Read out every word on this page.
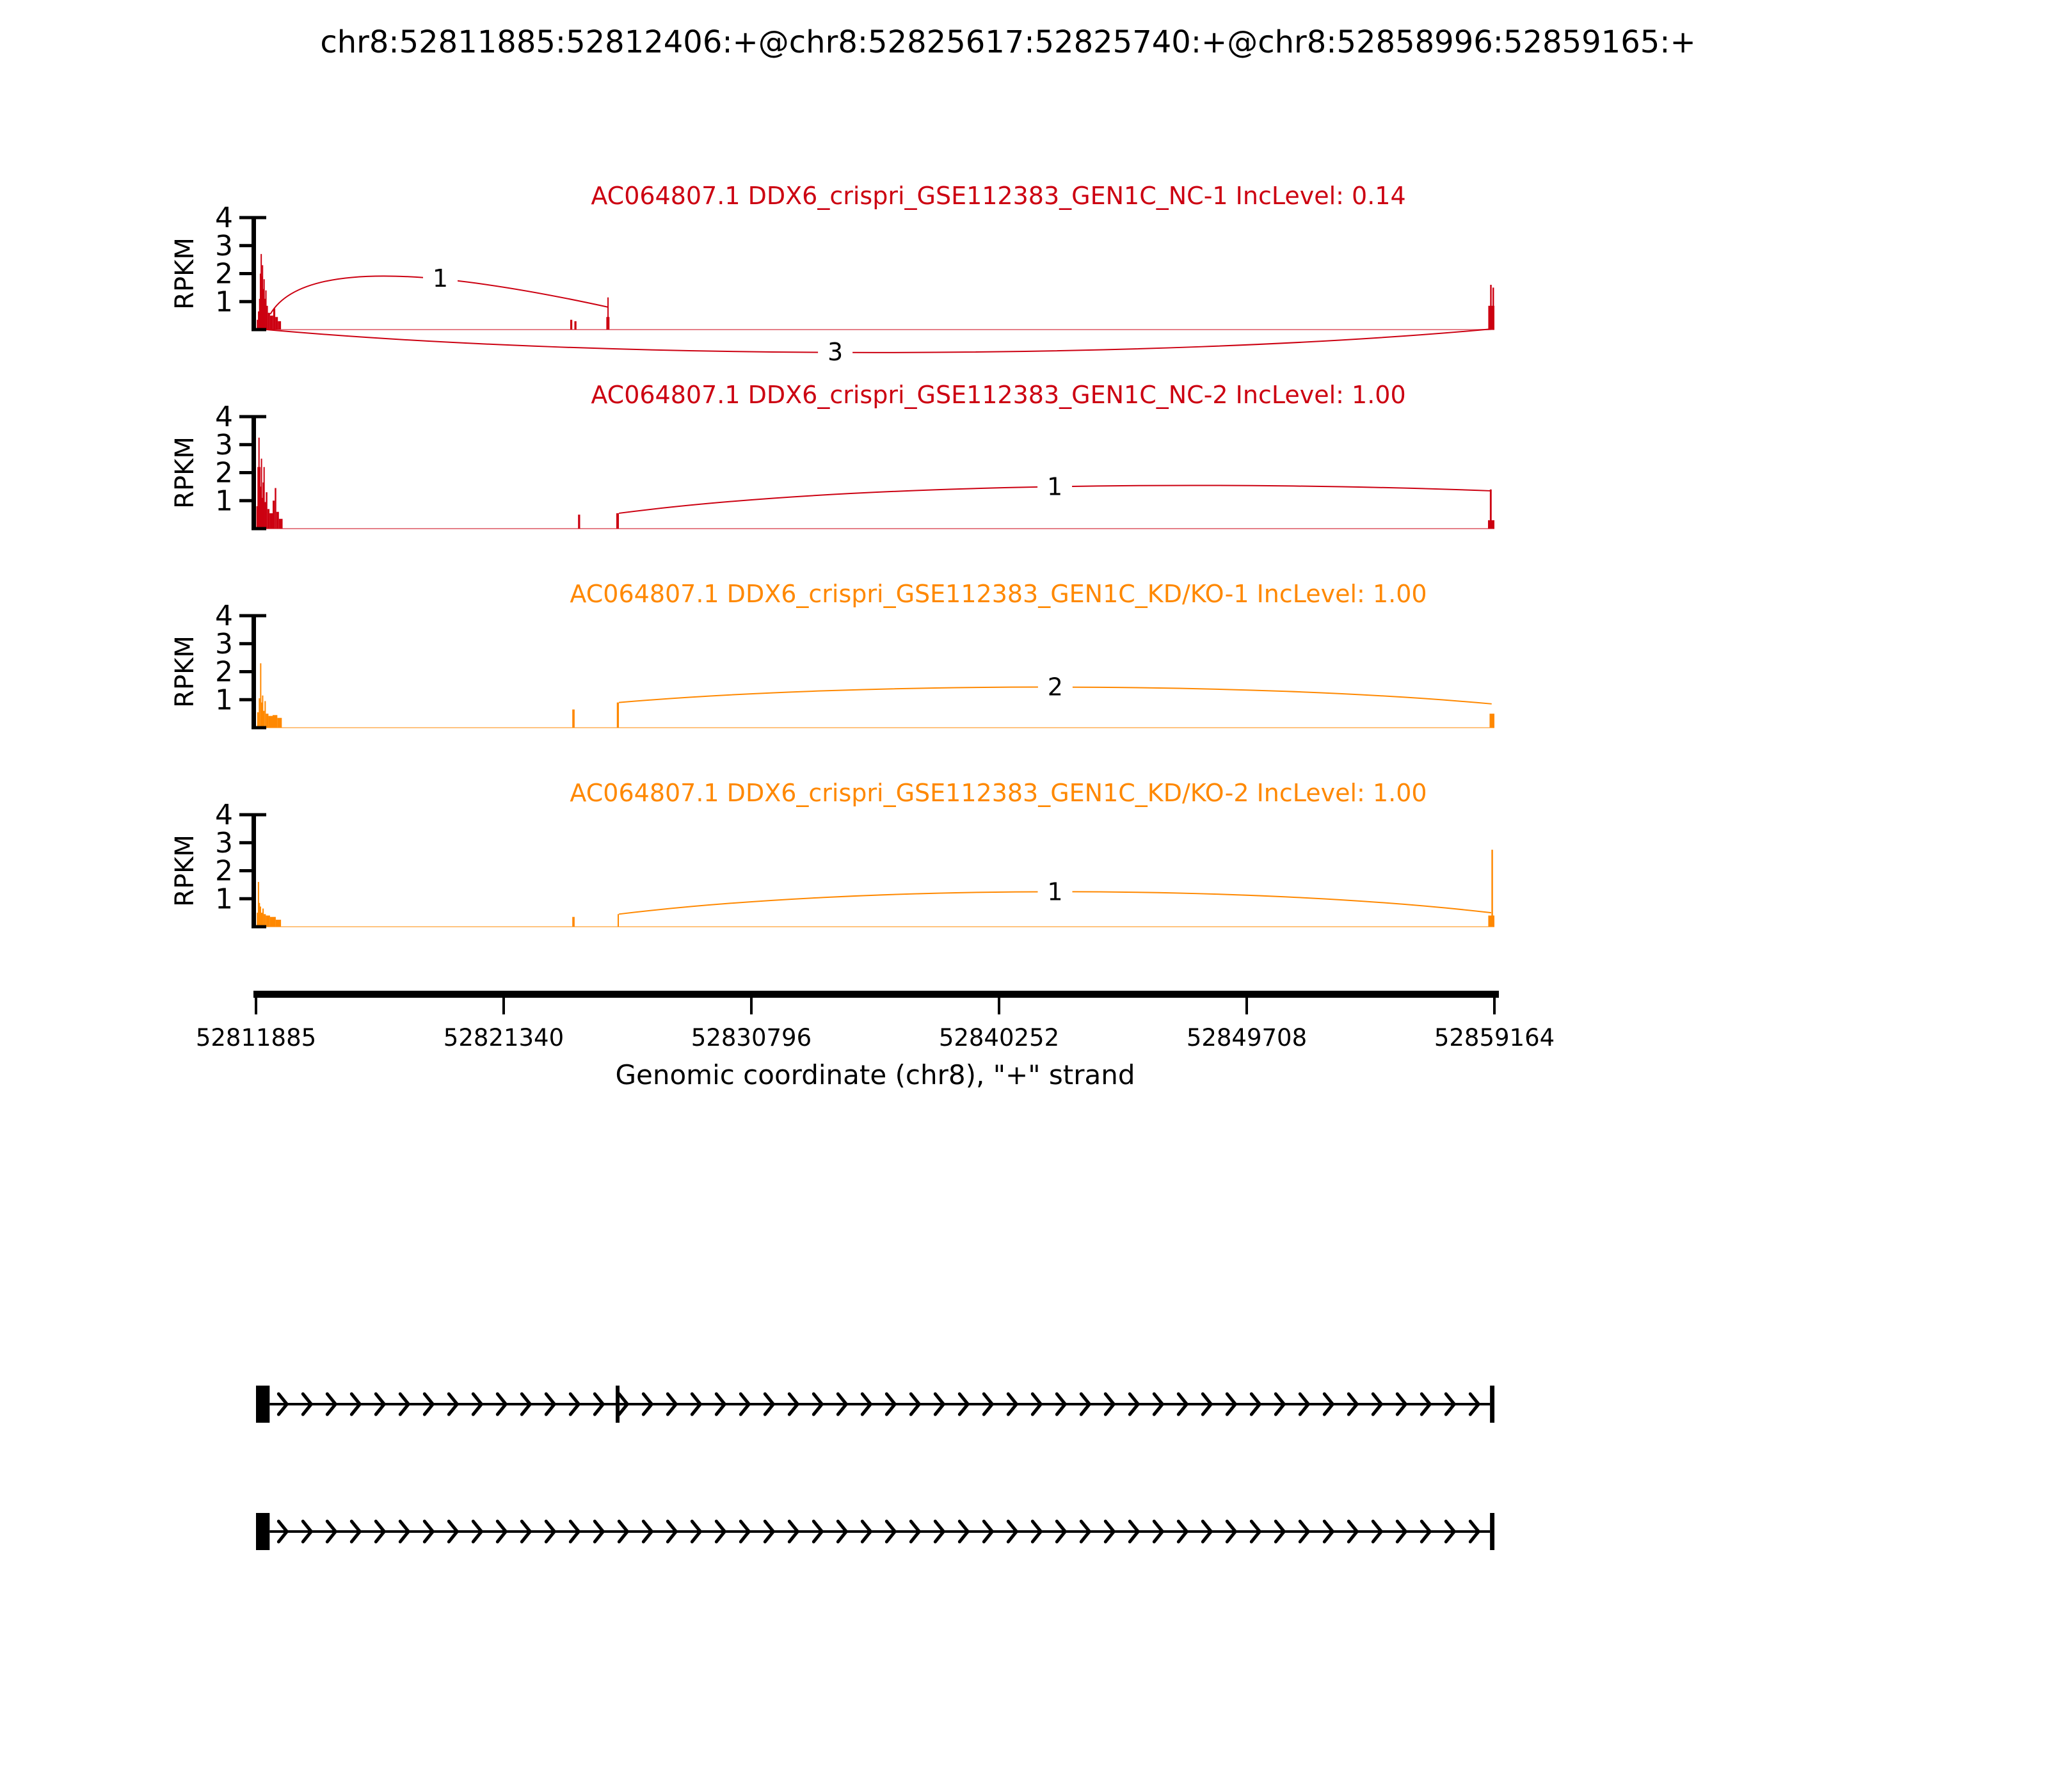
chr8:52811885:52812406:+@chr8:52825617:52825740:+@chr8:52858996:52859165:+
AC064807.1 DDX6_crispri_GSE112383_GEN1C_NC-1 IncLevel: 0.14
AC064807.1 DDX6_crispri_GSE112383_GEN1C_NC-2 IncLevel: 1.00
AC064807.1 DDX6_crispri_GSE112383_GEN1C_KD/KO-1 IncLevel: 1.00
AC064807.1 DDX6_crispri_GSE112383_GEN1C_KD/KO-2 IncLevel: 1.00
1
3
1
2
3
4
RPKM
1
1
2
3
4
RPKM
2
1
2
3
4
RPKM
1
1
2
3
4
RPKM
52811885	52821340	52830796	52840252	52849708	52859164
Genomic coordinate (chr8), "+" strand
